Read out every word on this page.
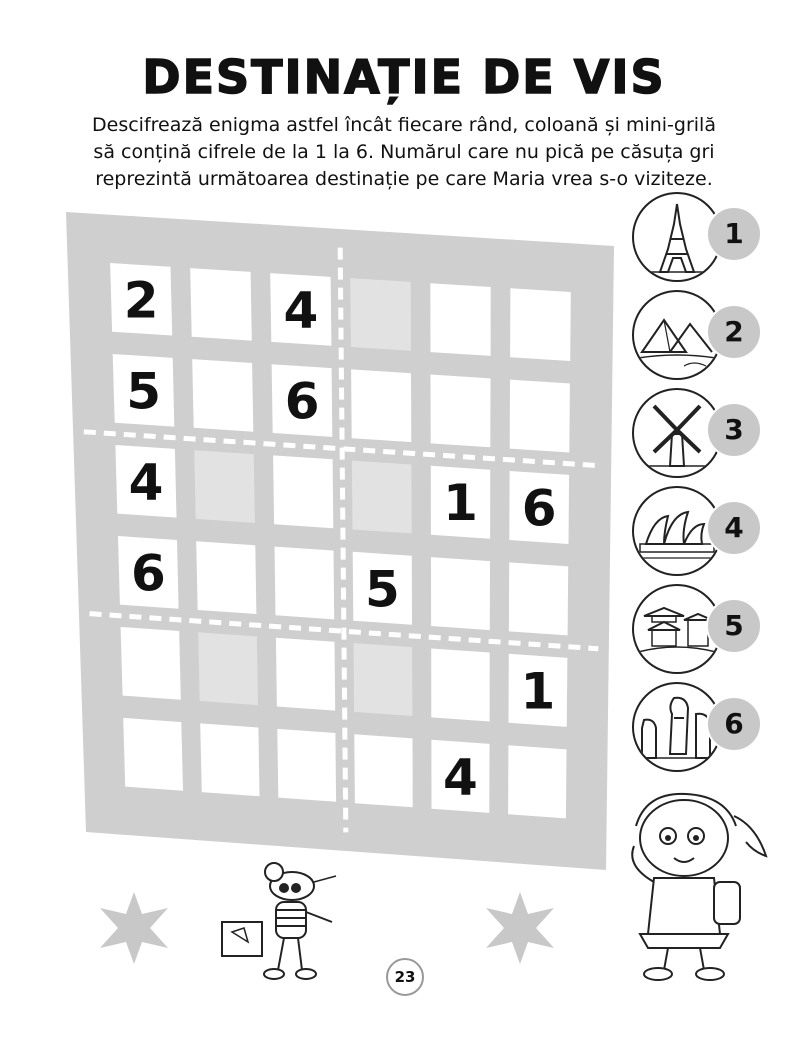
DESTINAȚIE DE VIS
Descifrează enigma astfel încât fiecare rând, coloană și mini-grilă
să conțină cifrele de la 1 la 6. Numărul care nu pică pe căsuța gri
reprezintă următoarea destinație pe care Maria vrea s-o viziteze.
2 4
5 6
4	1 6
6	5
1
4
1
2
3
4
5
6
23
